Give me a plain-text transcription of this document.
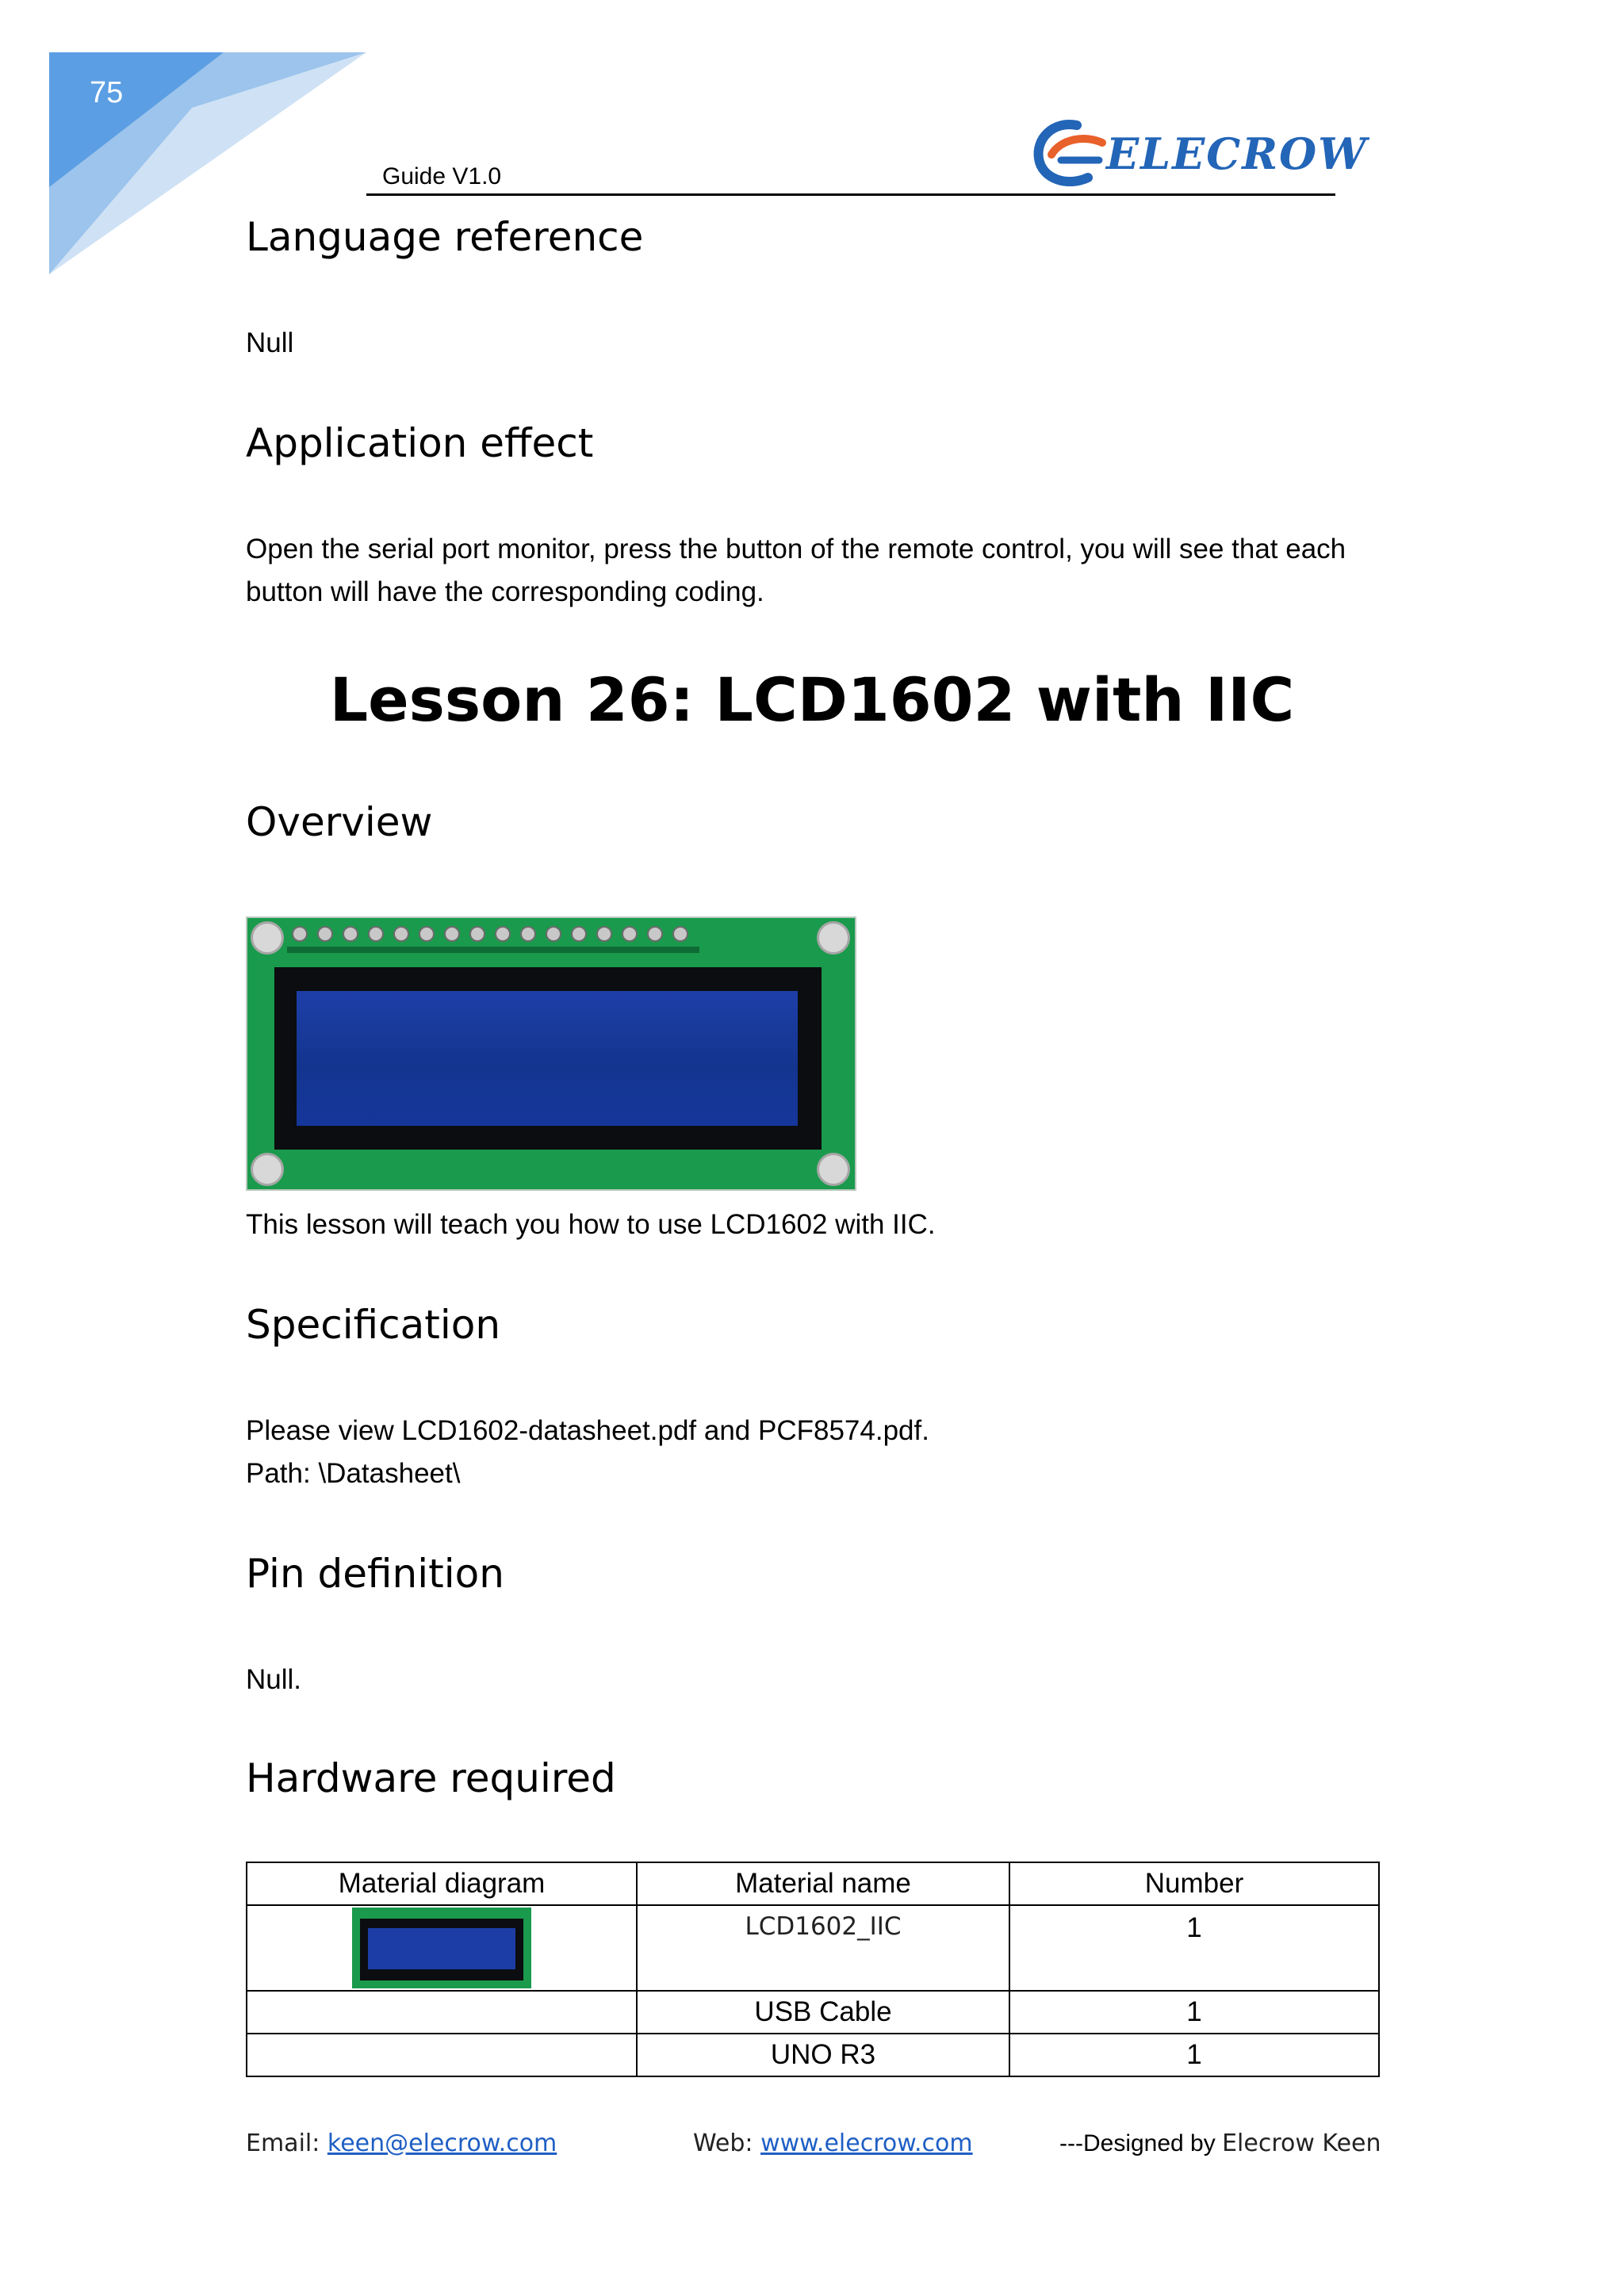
75
Guide V1.0	ELECROW
Language reference
Null
Application effect
Open the serial port monitor, press the button of the remote control, you will see that each
button will have the corresponding coding.
Lesson 26: LCD1602 with IIC
Overview
This lesson will teach you how to use LCD1602 with IIC.
Specification
Please view LCD1602-datasheet.pdf and PCF8574.pdf.
Path: \Datasheet\
Pin definition
Null.
Hardware required
Material diagram	Material name	Number

	LCD1602_IIC	1

	USB Cable	1
	UNO R3	1
Email: keen@elecrow.com	Web: www.elecrow.com	---Designed by Elecrow Keen
